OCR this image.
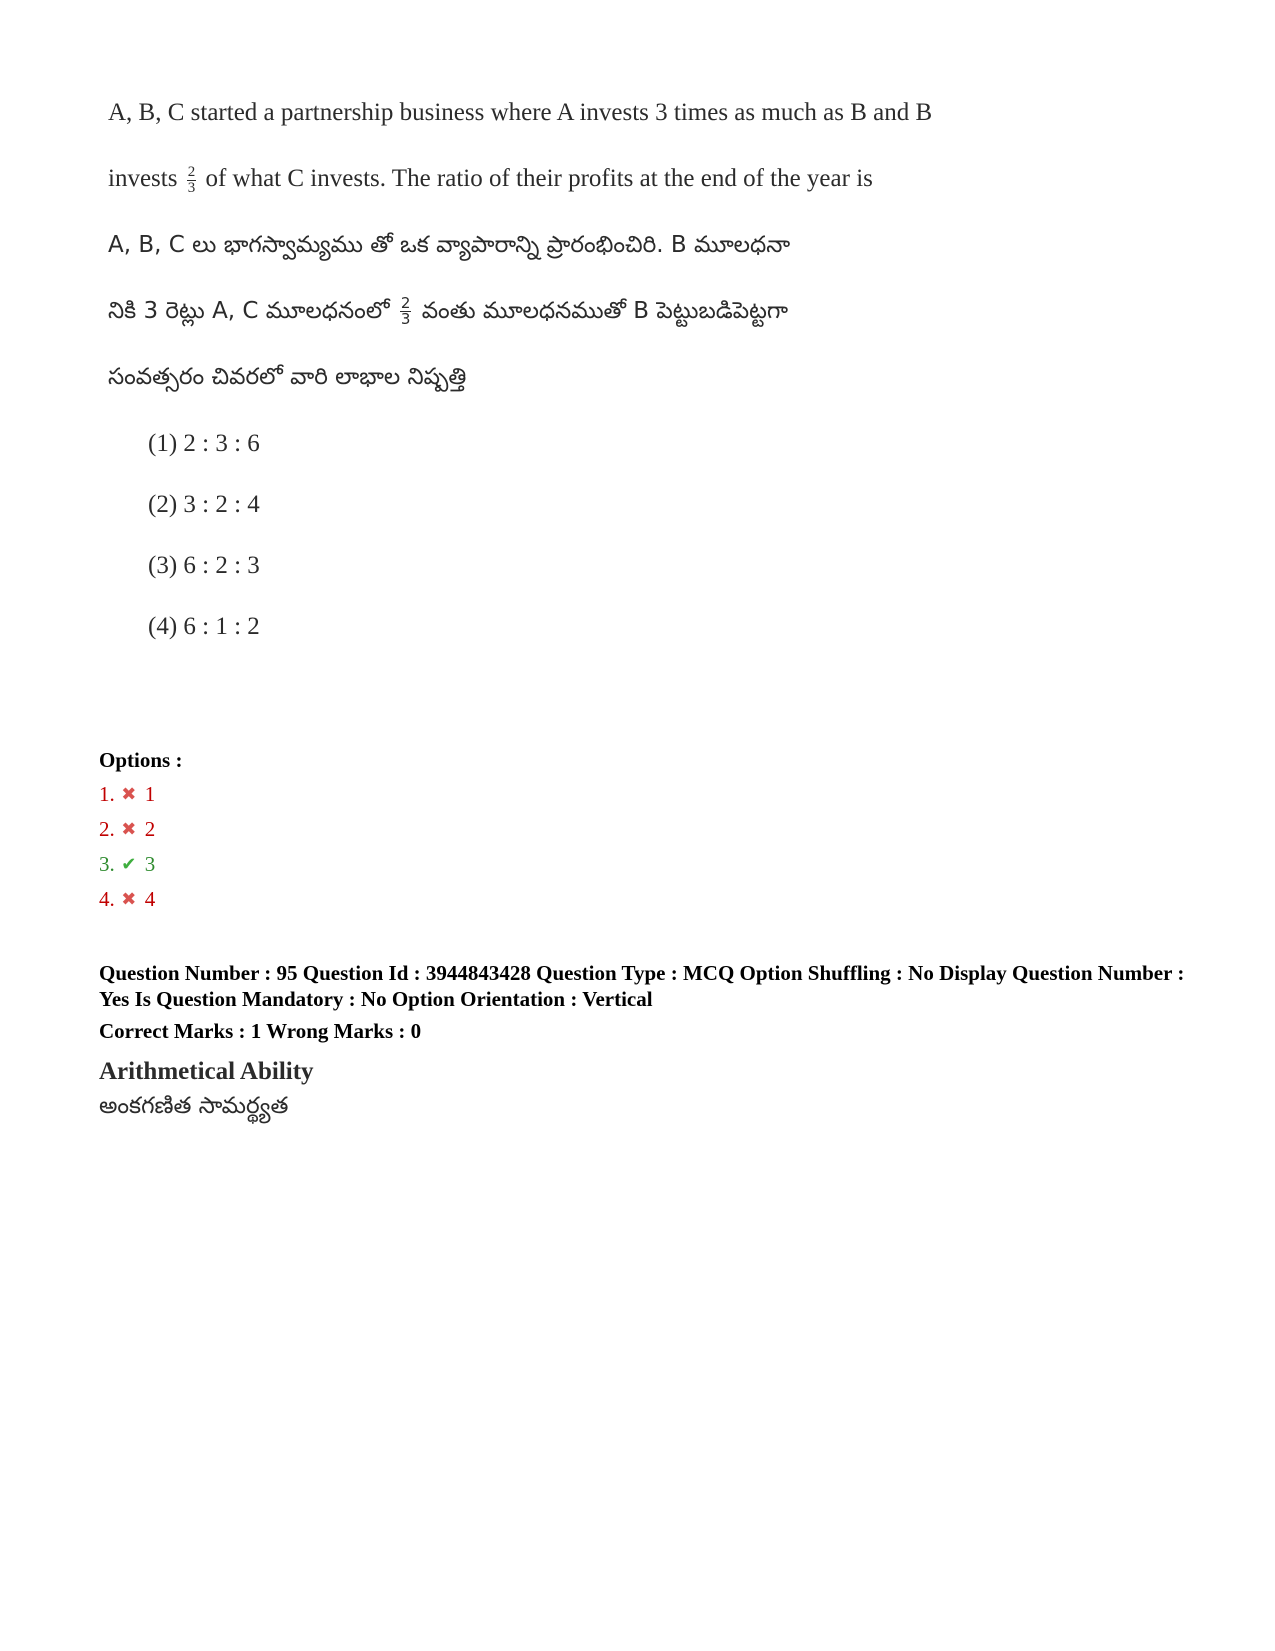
A, B, C started a partnership business where A invests 3 times as much as B and B
invests $\frac{2}{3}$ of what C invests. The ratio of their profits at the end of the year is
A, B, C లు భాగస్వామ్యము తో ఒక వ్యాపారాన్ని ప్రారంభించిరి. B మూలధనా
నికి 3 రెట్లు A, C మూలధనంలో $\frac{2}{3}$ వంతు మూలధనముతో B పెట్టుబడిపెట్టగా
సంవత్సరం చివరలో వారి లాభాల నిష్పత్తి
(1) 2 : 3 : 6
(2) 3 : 2 : 4
(3) 6 : 2 : 3
(4) 6 : 1 : 2
Options :
1. ✖ 1
2. ✖ 2
3. ✔ 3
4. ✖ 4
Question Number : 95 Question Id : 3944843428 Question Type : MCQ Option Shuffling : No Display Question Number : Yes Is Question Mandatory : No Option Orientation : Vertical
Correct Marks : 1 Wrong Marks : 0
Arithmetical Ability
అంకగణిత సామర్థ్యత
